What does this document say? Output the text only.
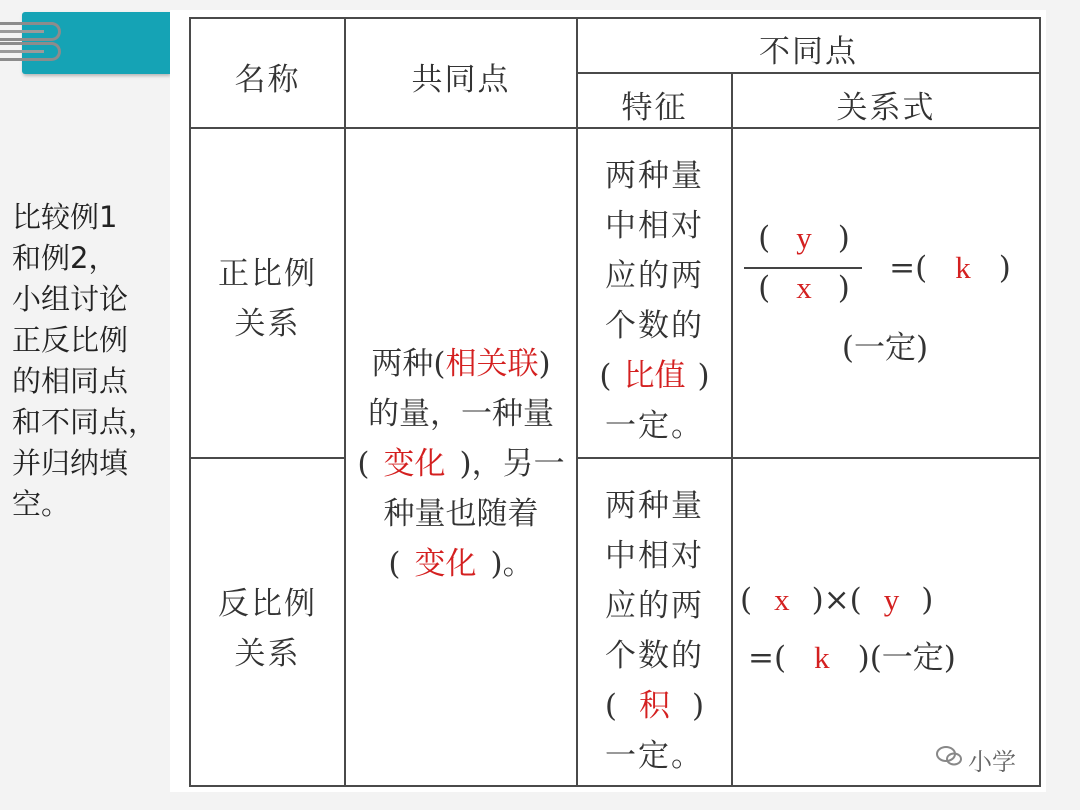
比较例1
和例2，
小组讨论
正反比例
的相同点
和不同点，
并归纳填
空。
名称	共同点
不同点
特征	关系式
正比例
关系
反比例
关系
两种(相关联)
的量，一种量
( 变化 )，另一
种量也随着
( 变化 )。
两种量
中相对
应的两
个数的
( 比值 )
一定。
( y )
( x )
=( k )
(一定)
两种量
中相对
应的两
个数的
( 积 )
一定。
( x )×( y )
=( k )(一定)
小学
